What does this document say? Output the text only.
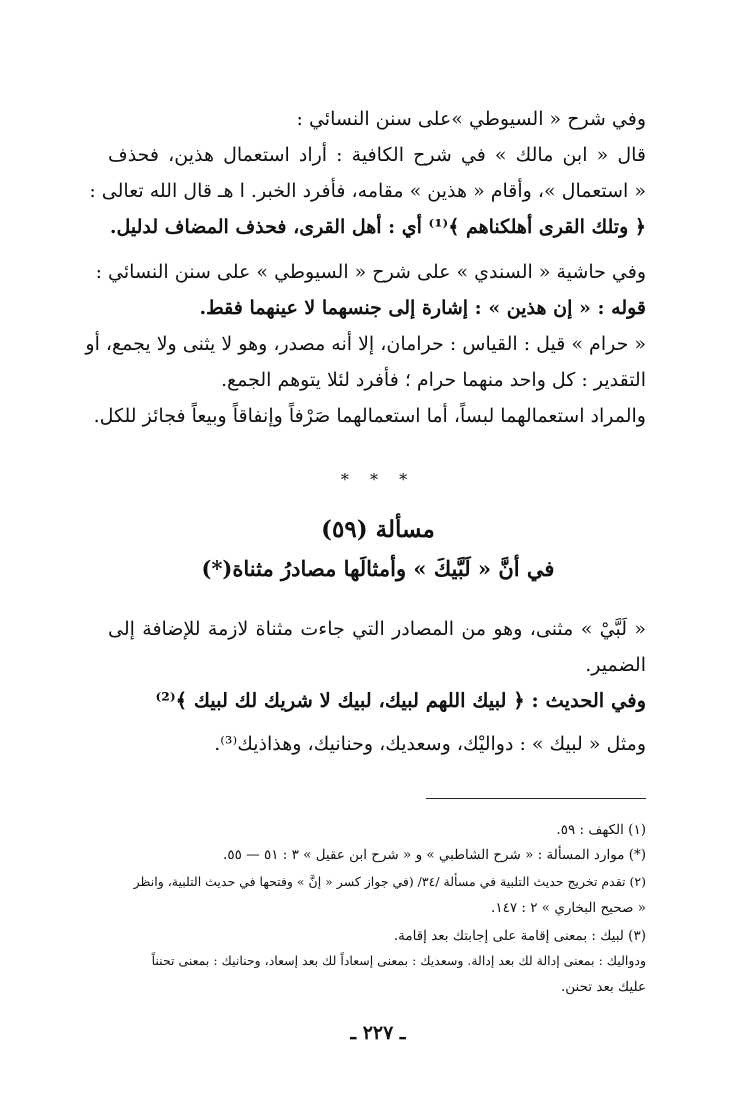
وفي شرح « السيوطي »على سنن النسائي :
قال « ابن مالك » في شرح الكافية : أراد استعمال هذين، فحذف
« استعمال »، وأقام « هذين » مقامه، فأفرد الخبر. ا هـ قال الله تعالى :
﴿ وتلك القرى أهلكناهم ﴾⁽¹⁾ أي : أهل القرى، فحذف المضاف لدليل.
وفي حاشية « السندي » على شرح « السيوطي » على سنن النسائي :
قوله : « إن هذين » : إشارة إلى جنسهما لا عينهما فقط.
« حرام » قيل : القياس : حرامان، إلا أنه مصدر، وهو لا يثنى ولا يجمع، أو
التقدير : كل واحد منهما حرام ؛ فأفرد لئلا يتوهم الجمع.
والمراد استعمالهما لبساً، أما استعمالهما صَرْفاً وإنفاقاً وبيعاً فجائز للكل.
* * *
مسألة (٥٩)
في أنَّ « لَبَّيكَ » وأمثالَها مصادرُ مثناة(*)
« لَبَّيْ » مثنى، وهو من المصادر التي جاءت مثناة لازمة للإضافة إلى
الضمير.
وفي الحديث : ﴿ لبيك اللهم لبيك، لبيك لا شريك لك لبيك ﴾⁽²⁾
ومثل « لبيك » : دواليْك، وسعديك، وحنانيك، وهذاذيك⁽³⁾.
(١) الكهف : ٥٩.
(*) موارد المسألة : « شرح الشاطبي » و « شرح ابن عقيل » ٣ : ٥١ — ٥٥.
(٢) تقدم تخريج حديث التلبية في مسألة /٣٤/ (في جواز كسر « إنَّ » وفتحها في حديث التلبية، وانظر
« صحيح البخاري » ٢ : ١٤٧.
(٣) لبيك : بمعنى إقامة على إجابتك بعد إقامة.
ودواليك : بمعنى إدالة لك بعد إدالة. وسعديك : بمعنى إسعاداً لك بعد إسعاد، وحنانيك : بمعنى تحنناً
عليك بعد تحنن.
ـ ٢٢٧ ـ
